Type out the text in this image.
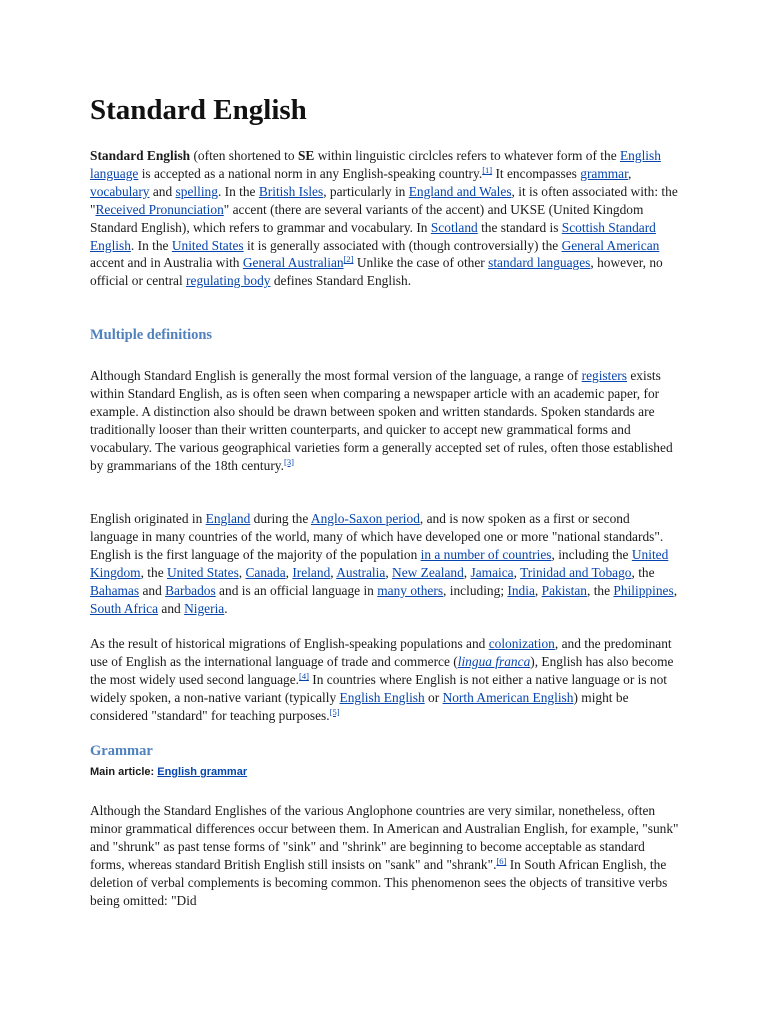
Standard English

Standard English (often shortened to SE within linguistic circlcles refers to whatever form of the English language is accepted as a national norm in any English-speaking country.[1] It encompasses grammar, vocabulary and spelling. In the British Isles, particularly in England and Wales, it is often associated with: the "Received Pronunciation" accent (there are several variants of the accent) and UKSE (United Kingdom Standard English), which refers to grammar and vocabulary. In Scotland the standard is Scottish Standard English. In the United States it is generally associated with (though controversially) the General American accent and in Australia with General Australian[2] Unlike the case of other standard languages, however, no official or central regulating body defines Standard English.

Multiple definitions

Although Standard English is generally the most formal version of the language, a range of registers exists within Standard English, as is often seen when comparing a newspaper article with an academic paper, for example. A distinction also should be drawn between spoken and written standards. Spoken standards are traditionally looser than their written counterparts, and quicker to accept new grammatical forms and vocabulary. The various geographical varieties form a generally accepted set of rules, often those established by grammarians of the 18th century.[3]

English originated in England during the Anglo-Saxon period, and is now spoken as a first or second language in many countries of the world, many of which have developed one or more "national standards". English is the first language of the majority of the population in a number of countries, including the United Kingdom, the United States, Canada, Ireland, Australia, New Zealand, Jamaica, Trinidad and Tobago, the Bahamas and Barbados and is an official language in many others, including; India, Pakistan, the Philippines, South Africa and Nigeria.

As the result of historical migrations of English-speaking populations and colonization, and the predominant use of English as the international language of trade and commerce (lingua franca), English has also become the most widely used second language.[4] In countries where English is not either a native language or is not widely spoken, a non-native variant (typically English English or North American English) might be considered "standard" for teaching purposes.[5]

Grammar
Main article: English grammar

Although the Standard Englishes of the various Anglophone countries are very similar, nonetheless, often minor grammatical differences occur between them. In American and Australian English, for example, "sunk" and "shrunk" as past tense forms of "sink" and "shrink" are beginning to become acceptable as standard forms, whereas standard British English still insists on "sank" and "shrank".[6] In South African English, the deletion of verbal complements is becoming common. This phenomenon sees the objects of transitive verbs being omitted: "Did
